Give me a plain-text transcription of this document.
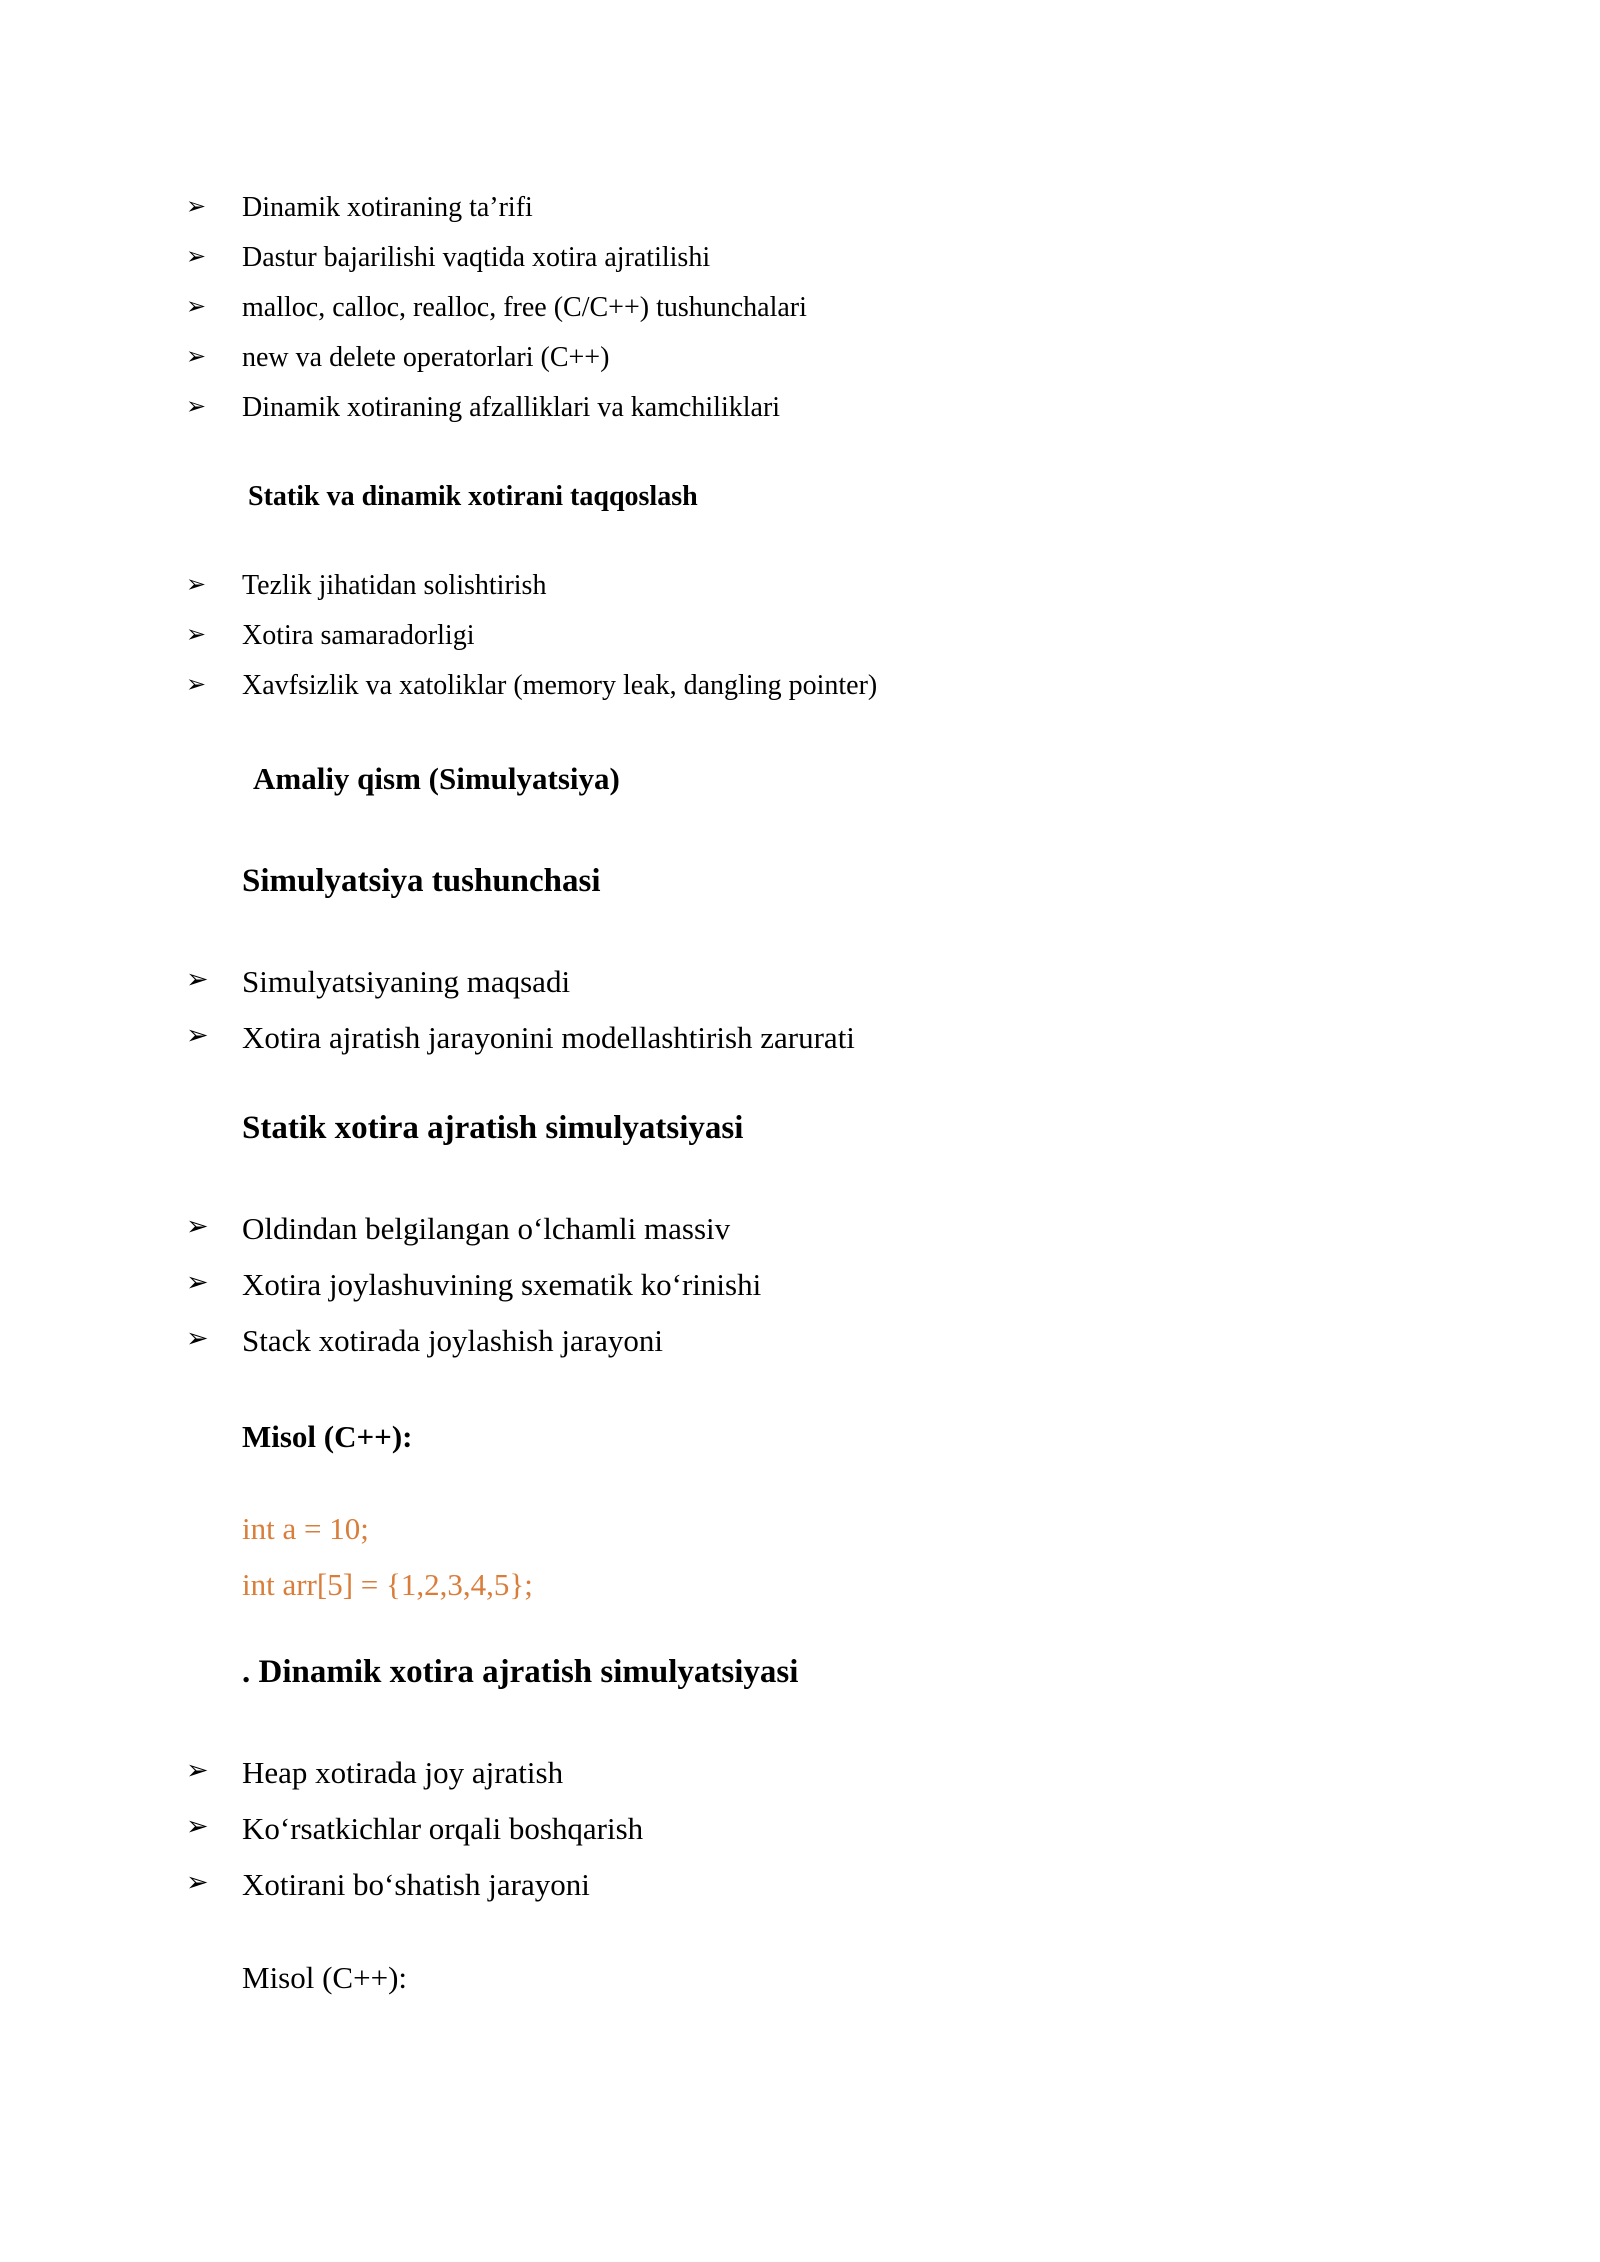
➢ Dinamik xotiraning ta’rifi
➢ Dastur bajarilishi vaqtida xotira ajratilishi
➢ malloc, calloc, realloc, free (C/C++) tushunchalari
➢ new va delete operatorlari (C++)
➢ Dinamik xotiraning afzalliklari va kamchiliklari
Statik va dinamik xotirani taqqoslash
➢ Tezlik jihatidan solishtirish
➢ Xotira samaradorligi
➢ Xavfsizlik va xatoliklar (memory leak, dangling pointer)
Amaliy qism (Simulyatsiya)
Simulyatsiya tushunchasi
➢ Simulyatsiyaning maqsadi
➢ Xotira ajratish jarayonini modellashtirish zarurati
Statik xotira ajratish simulyatsiyasi
➢ Oldindan belgilangan o‘lchamli massiv
➢ Xotira joylashuvining sxematik ko‘rinishi
➢ Stack xotirada joylashish jarayoni
Misol (C++):
int a = 10;
int arr[5] = {1,2,3,4,5};
. Dinamik xotira ajratish simulyatsiyasi
➢ Heap xotirada joy ajratish
➢ Ko‘rsatkichlar orqali boshqarish
➢ Xotirani bo‘shatish jarayoni
Misol (C++):
